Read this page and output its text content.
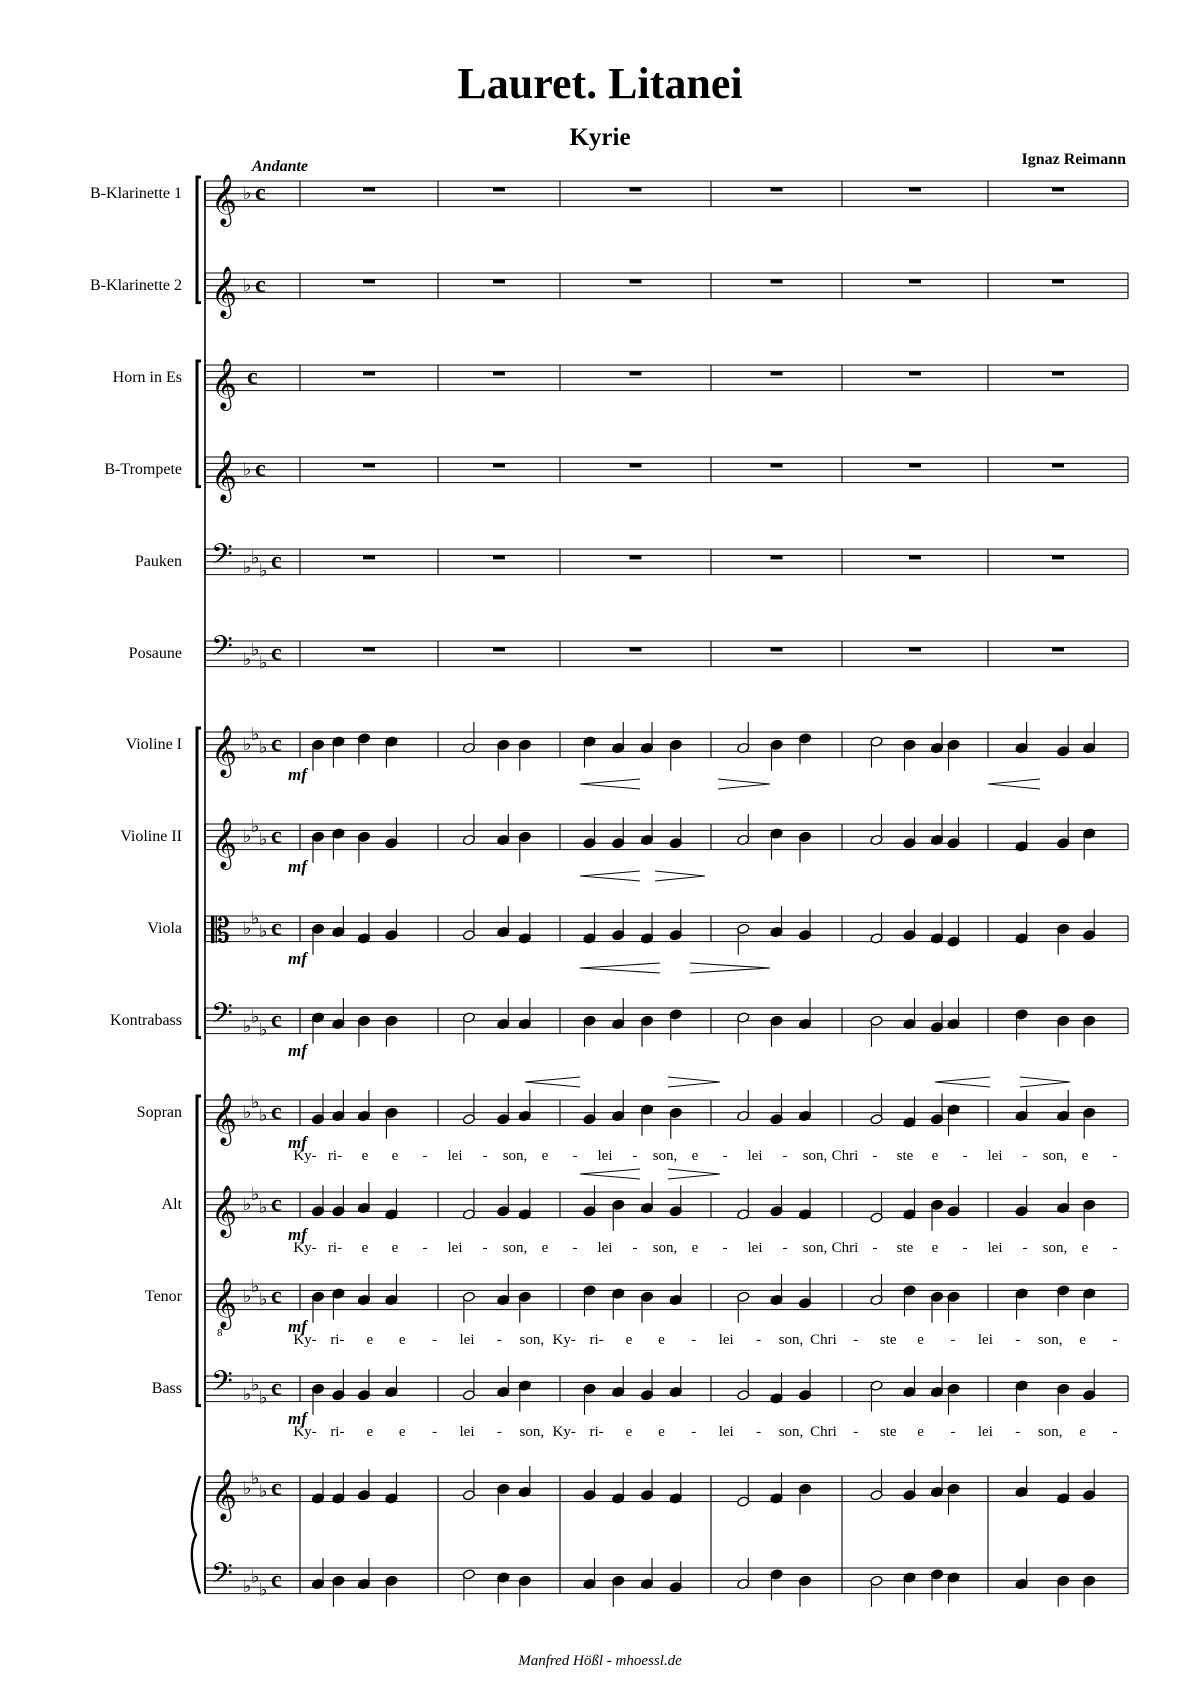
Lauret. Litanei
Kyrie
Ignaz Reimann
Andante
B-Klarinette 1
B-Klarinette 2
Horn in Es
B-Trompete
Pauken
Posaune
Violine I
Violine II
Viola
Kontrabass
Sopran
Alt
Tenor
Bass
𝄞 ♭ c
𝄞 ♭ c
𝄞 c
𝄞 ♭ c
𝄢 ♭ ♭
♭ c
𝄢 ♭ ♭
♭ c
𝄞 ♭ ♭
♭ c
𝄞 ♭ ♭
♭ c
𝄡 ♭ ♭
♭ c
𝄢 ♭ ♭
♭ c
𝄞 ♭ ♭
♭ c
𝄞 ♭ ♭
♭ c
𝄞
8
♭ ♭
♭ c
𝄢 ♭ ♭
♭ c
𝄞 ♭ ♭
♭ c
𝄢 ♭ ♭
♭ c
mf
mf
mf
mf
mf
mf
mf
mf
Ky- ri- e e - lei - son, e - lei - son, e - lei - son, Chri - ste e - lei - son, e -
Ky- ri- e e - lei - son, e - lei - son, e - lei - son, Chri - ste e - lei - son, e -
Ky- ri- e e - lei - son, Ky- ri- e e - lei - son, Chri - ste e - lei - son, e -
Ky- ri- e e - lei - son, Ky- ri- e e - lei - son, Chri - ste e - lei - son, e -
Manfred Hößl - mhoessl.de
